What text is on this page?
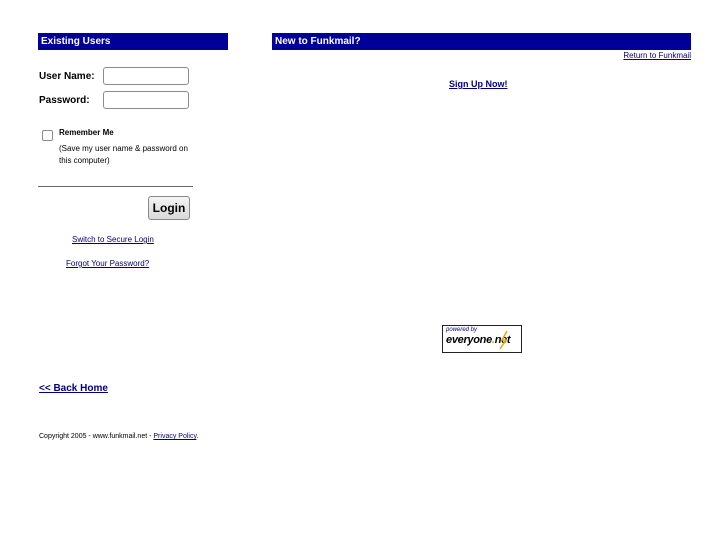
Existing Users
User Name:
Password:
Remember Me
(Save my user name & password on this computer)
Login
Switch to Secure Login
Forgot Your Password?
New to Funkmail?
Return to Funkmail
Sign Up Now!
powered by
everyone.net
<< Back Home
Copyright 2005 - www.funkmail.net - Privacy Policy.
